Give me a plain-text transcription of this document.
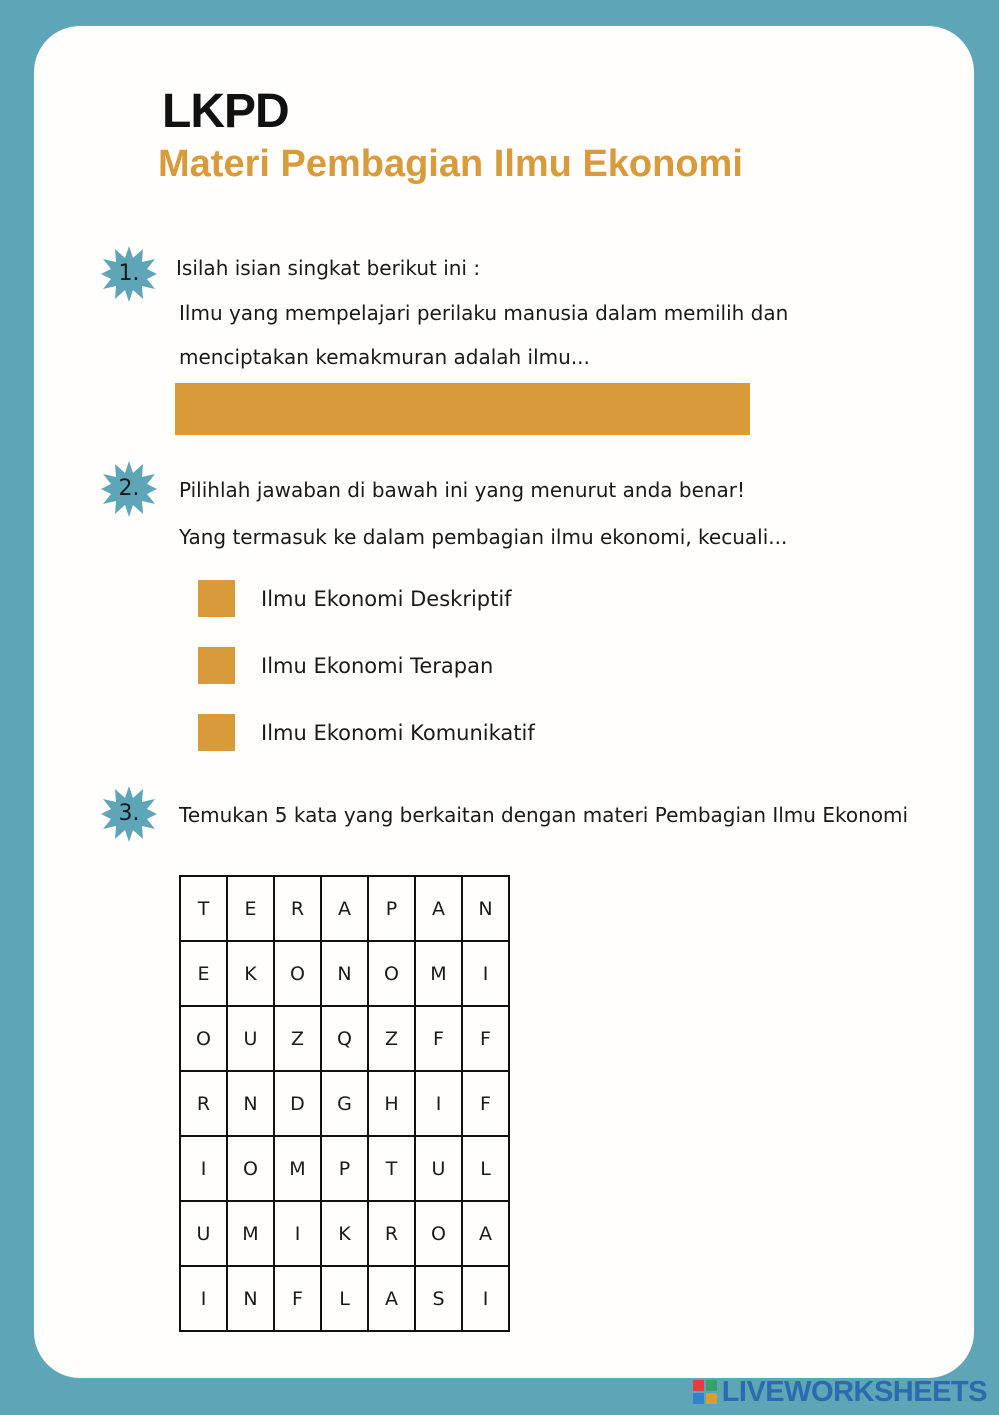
LKPD
Materi Pembagian Ilmu Ekonomi
1.	Isilah isian singkat berikut ini :
Ilmu yang mempelajari perilaku manusia dalam memilih dan
menciptakan kemakmuran adalah ilmu...
2.	Pilihlah jawaban di bawah ini yang menurut anda benar!
Yang termasuk ke dalam pembagian ilmu ekonomi, kecuali...
Ilmu Ekonomi Deskriptif
Ilmu Ekonomi Terapan
Ilmu Ekonomi Komunikatif
3.	Temukan 5 kata yang berkaitan dengan materi Pembagian Ilmu Ekonomi
T	E	R	A	P	A	N
E	K	O	N	O	M	I
O	U	Z	Q	Z	F	F
R	N	D	G	H	I	F
I	O	M	P	T	U	L
U	M	I	K	R	O	A
I	N	F	L	A	S	I
LIVEWORKSHEETS
